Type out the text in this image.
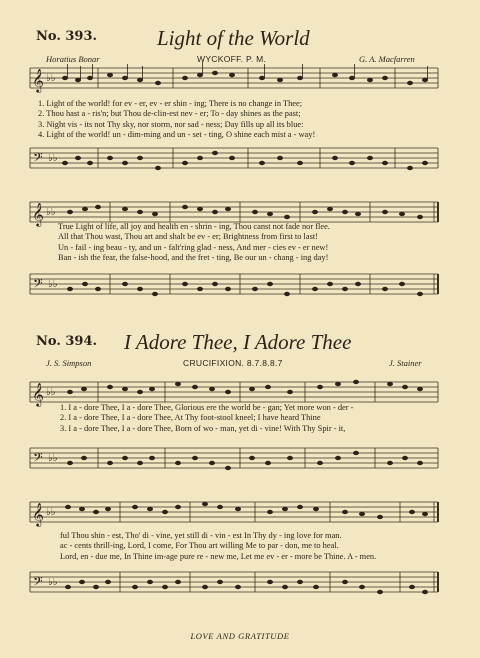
No. 393.	Light of the World
Horatius Bonar	WYCKOFF. P. M.	G. A. Macfarren
𝄞 ♭♭
1. Light of the world! for ev - er, ev - er shin - ing; There is no change in Thee;
2. Thou hast a - ris'n; but Thou de-clin-est nev - er; To - day shines as the past;
3. Night vis - its not Thy sky, nor storm, nor sad - ness; Day fills up all its blue:
4. Light of the world! un - dim-ming and un - set - ting, O shine each mist a - way!
𝄢 ♭♭
𝄞 ♭♭
True Light of life, all joy and health en - shrin - ing, Thou canst not fade nor flee.
All that Thou wast, Thou art and shalt be ev - er; Brightness from first to last!
Un - fail - ing beau - ty, and un - falt'ring glad - ness, And mer - cies ev - er new!
Ban - ish the fear, the false-hood, and the fret - ting, Be our un - chang - ing day!
𝄢 ♭♭
No. 394. I Adore Thee, I Adore Thee
J. S. Simpson	CRUCIFIXION. 8.7.8.8.7	J. Stainer
𝄞 ♭♭
1. I a - dore Thee, I a - dore Thee, Glorious ere the world be - gan; Yet more won - der -
2. I a - dore Thee, I a - dore Thee, At Thy foot-stool kneel; I have heard Thine
3. I a - dore Thee, I a - dore Thee, Born of wo - man, yet di - vine! With Thy Spir - it,
𝄢 ♭♭
𝄞 ♭♭
ful Thou shin - est, Tho' di - vine, yet still di - vin - est In Thy dy - ing love for man.
ac - cents thrill-ing, Lord, I come, For Thou art willing Me to par - don, me to heal.
Lord, en - due me, In Thine im-age pure re - new me, Let me ev - er - more be Thine. A - men.
𝄢 ♭♭
LOVE AND GRATITUDE
